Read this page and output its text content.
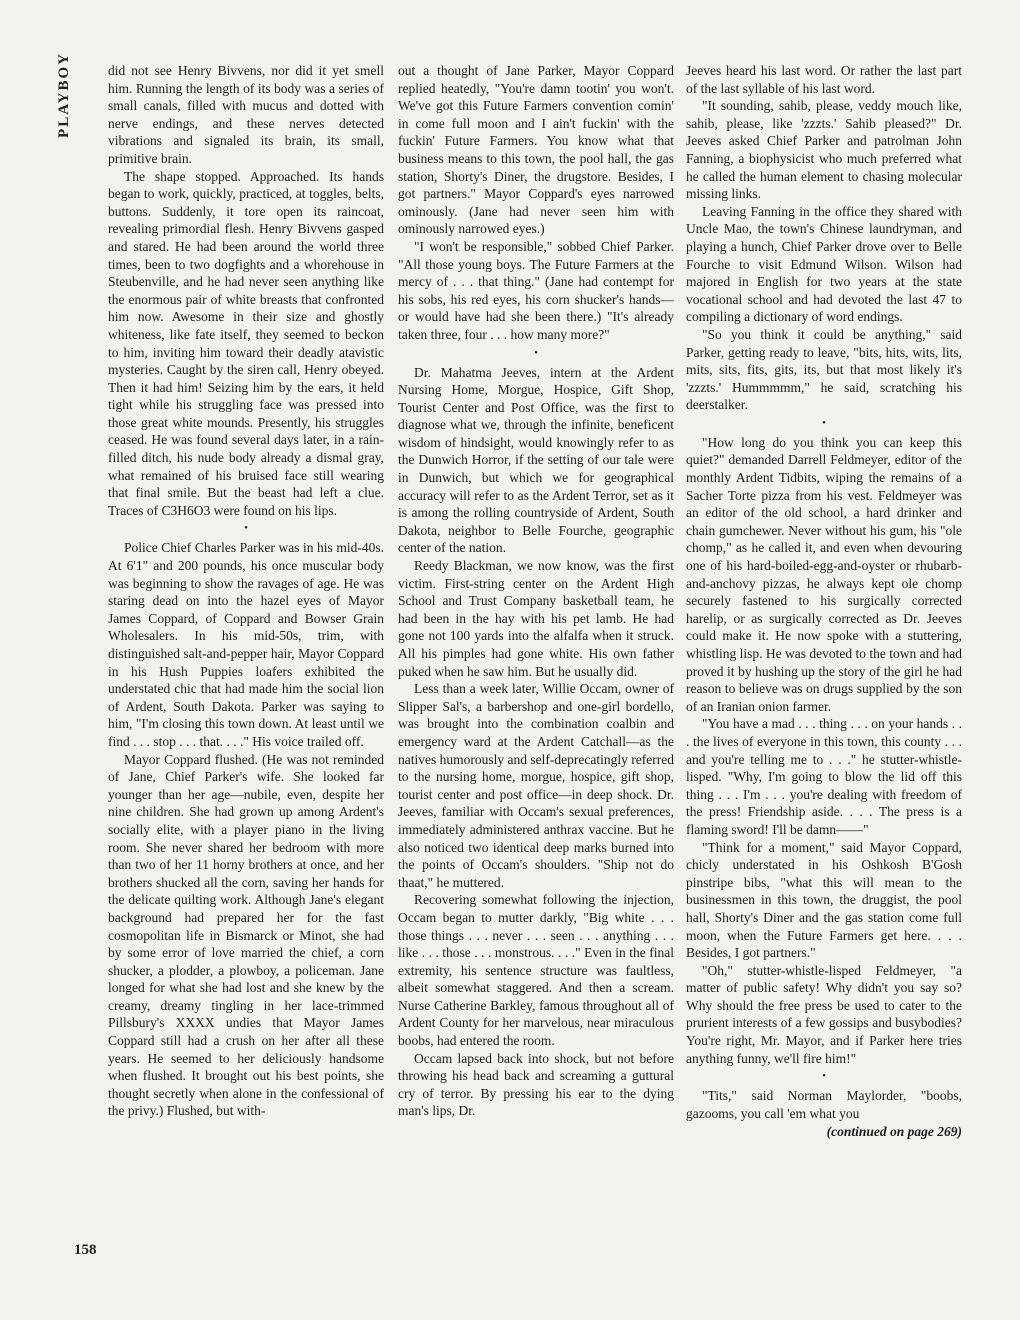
PLAYBOY	did not see Henry Bivvens, nor did it yet smell him. Running the length of its body was a series of small canals, filled with mucus and dotted with nerve endings, and these nerves detected vibrations and signaled its brain, its small, primitive brain.

The shape stopped. Approached. Its hands began to work, quickly, practiced, at toggles, belts, buttons. Suddenly, it tore open its raincoat, revealing primordial flesh. Henry Bivvens gasped and stared. He had been around the world three times, been to two dogfights and a whorehouse in Steubenville, and he had never seen anything like the enormous pair of white breasts that confronted him now. Awesome in their size and ghostly whiteness, like fate itself, they seemed to beckon to him, inviting him toward their deadly atavistic mysteries. Caught by the siren call, Henry obeyed. Then it had him! Seizing him by the ears, it held tight while his struggling face was pressed into those great white mounds. Presently, his struggles ceased. He was found several days later, in a rain-filled ditch, his nude body already a dismal gray, what remained of his bruised face still wearing that final smile. But the beast had left a clue. Traces of C3H6O3 were found on his lips.

•

Police Chief Charles Parker was in his mid-40s. At 6'1" and 200 pounds, his once muscular body was beginning to show the ravages of age. He was staring dead on into the hazel eyes of Mayor James Coppard, of Coppard and Bowser Grain Wholesalers. In his mid-50s, trim, with distinguished salt-and-pepper hair, Mayor Coppard in his Hush Puppies loafers exhibited the understated chic that had made him the social lion of Ardent, South Dakota. Parker was saying to him, "I'm closing this town down. At least until we find . . . stop . . . that. . . ." His voice trailed off.

Mayor Coppard flushed. (He was not reminded of Jane, Chief Parker's wife. She looked far younger than her age—nubile, even, despite her nine children. She had grown up among Ardent's socially elite, with a player piano in the living room. She never shared her bedroom with more than two of her 11 horny brothers at once, and her brothers shucked all the corn, saving her hands for the delicate quilting work. Although Jane's elegant background had prepared her for the fast cosmopolitan life in Bismarck or Minot, she had by some error of love married the chief, a corn shucker, a plodder, a plowboy, a policeman. Jane longed for what she had lost and she knew by the creamy, dreamy tingling in her lace-trimmed Pillsbury's XXXX undies that Mayor James Coppard still had a crush on her after all these years. He seemed to her deliciously handsome when flushed. It brought out his best points, she thought secretly when alone in the confessional of the privy.) Flushed, but with-

out a thought of Jane Parker, Mayor Coppard replied heatedly, "You're damn tootin' you won't. We've got this Future Farmers convention comin' in come full moon and I ain't fuckin' with the fuckin' Future Farmers. You know what that business means to this town, the pool hall, the gas station, Shorty's Diner, the drugstore. Besides, I got partners." Mayor Coppard's eyes narrowed ominously. (Jane had never seen him with ominously narrowed eyes.)

"I won't be responsible," sobbed Chief Parker. "All those young boys. The Future Farmers at the mercy of . . . that thing." (Jane had contempt for his sobs, his red eyes, his corn shucker's hands—or would have had she been there.) "It's already taken three, four . . . how many more?"

•

Dr. Mahatma Jeeves, intern at the Ardent Nursing Home, Morgue, Hospice, Gift Shop, Tourist Center and Post Office, was the first to diagnose what we, through the infinite, beneficent wisdom of hindsight, would knowingly refer to as the Dunwich Horror, if the setting of our tale were in Dunwich, but which we for geographical accuracy will refer to as the Ardent Terror, set as it is among the rolling countryside of Ardent, South Dakota, neighbor to Belle Fourche, geographic center of the nation.

Reedy Blackman, we now know, was the first victim. First-string center on the Ardent High School and Trust Company basketball team, he had been in the hay with his pet lamb. He had gone not 100 yards into the alfalfa when it struck. All his pimples had gone white. His own father puked when he saw him. But he usually did.

Less than a week later, Willie Occam, owner of Slipper Sal's, a barbershop and one-girl bordello, was brought into the combination coalbin and emergency ward at the Ardent Catchall—as the natives humorously and self-deprecatingly referred to the nursing home, morgue, hospice, gift shop, tourist center and post office—in deep shock. Dr. Jeeves, familiar with Occam's sexual preferences, immediately administered anthrax vaccine. But he also noticed two identical deep marks burned into the points of Occam's shoulders. "Ship not do thaat," he muttered.

Recovering somewhat following the injection, Occam began to mutter darkly, "Big white . . . those things . . . never . . . seen . . . anything . . . like . . . those . . . monstrous. . . ." Even in the final extremity, his sentence structure was faultless, albeit somewhat staggered. And then a scream. Nurse Catherine Barkley, famous throughout all of Ardent County for her marvelous, near miraculous boobs, had entered the room.

Occam lapsed back into shock, but not before throwing his head back and screaming a guttural cry of terror. By pressing his ear to the dying man's lips, Dr.

Jeeves heard his last word. Or rather the last part of the last syllable of his last word.

"It sounding, sahib, please, veddy mouch like, sahib, please, like 'zzzts.' Sahib pleased?" Dr. Jeeves asked Chief Parker and patrolman John Fanning, a biophysicist who much preferred what he called the human element to chasing molecular missing links.

Leaving Fanning in the office they shared with Uncle Mao, the town's Chinese laundryman, and playing a hunch, Chief Parker drove over to Belle Fourche to visit Edmund Wilson. Wilson had majored in English for two years at the state vocational school and had devoted the last 47 to compiling a dictionary of word endings.

"So you think it could be anything," said Parker, getting ready to leave, "bits, hits, wits, lits, mits, sits, fits, gits, its, but that most likely it's 'zzzts.' Hummmmm," he said, scratching his deerstalker.

•

"How long do you think you can keep this quiet?" demanded Darrell Feldmeyer, editor of the monthly Ardent Tidbits, wiping the remains of a Sacher Torte pizza from his vest. Feldmeyer was an editor of the old school, a hard drinker and chain gumchewer. Never without his gum, his "ole chomp," as he called it, and even when devouring one of his hard-boiled-egg-and-oyster or rhubarb-and-anchovy pizzas, he always kept ole chomp securely fastened to his surgically corrected harelip, or as surgically corrected as Dr. Jeeves could make it. He now spoke with a stuttering, whistling lisp. He was devoted to the town and had proved it by hushing up the story of the girl he had reason to believe was on drugs supplied by the son of an Iranian onion farmer.

"You have a mad . . . thing . . . on your hands . . . the lives of everyone in this town, this county . . . and you're telling me to . . ." he stutter-whistle-lisped. "Why, I'm going to blow the lid off this thing . . . I'm . . . you're dealing with freedom of the press! Friendship aside. . . . The press is a flaming sword! I'll be damn——"

"Think for a moment," said Mayor Coppard, chicly understated in his Oshkosh B'Gosh pinstripe bibs, "what this will mean to the businessmen in this town, the druggist, the pool hall, Shorty's Diner and the gas station come full moon, when the Future Farmers get here. . . . Besides, I got partners."

"Oh," stutter-whistle-lisped Feldmeyer, "a matter of public safety! Why didn't you say so? Why should the free press be used to cater to the prurient interests of a few gossips and busybodies? You're right, Mr. Mayor, and if Parker here tries anything funny, we'll fire him!"

•

"Tits," said Norman Maylorder, "boobs, gazooms, you call 'em what you

(continued on page 269)
158
